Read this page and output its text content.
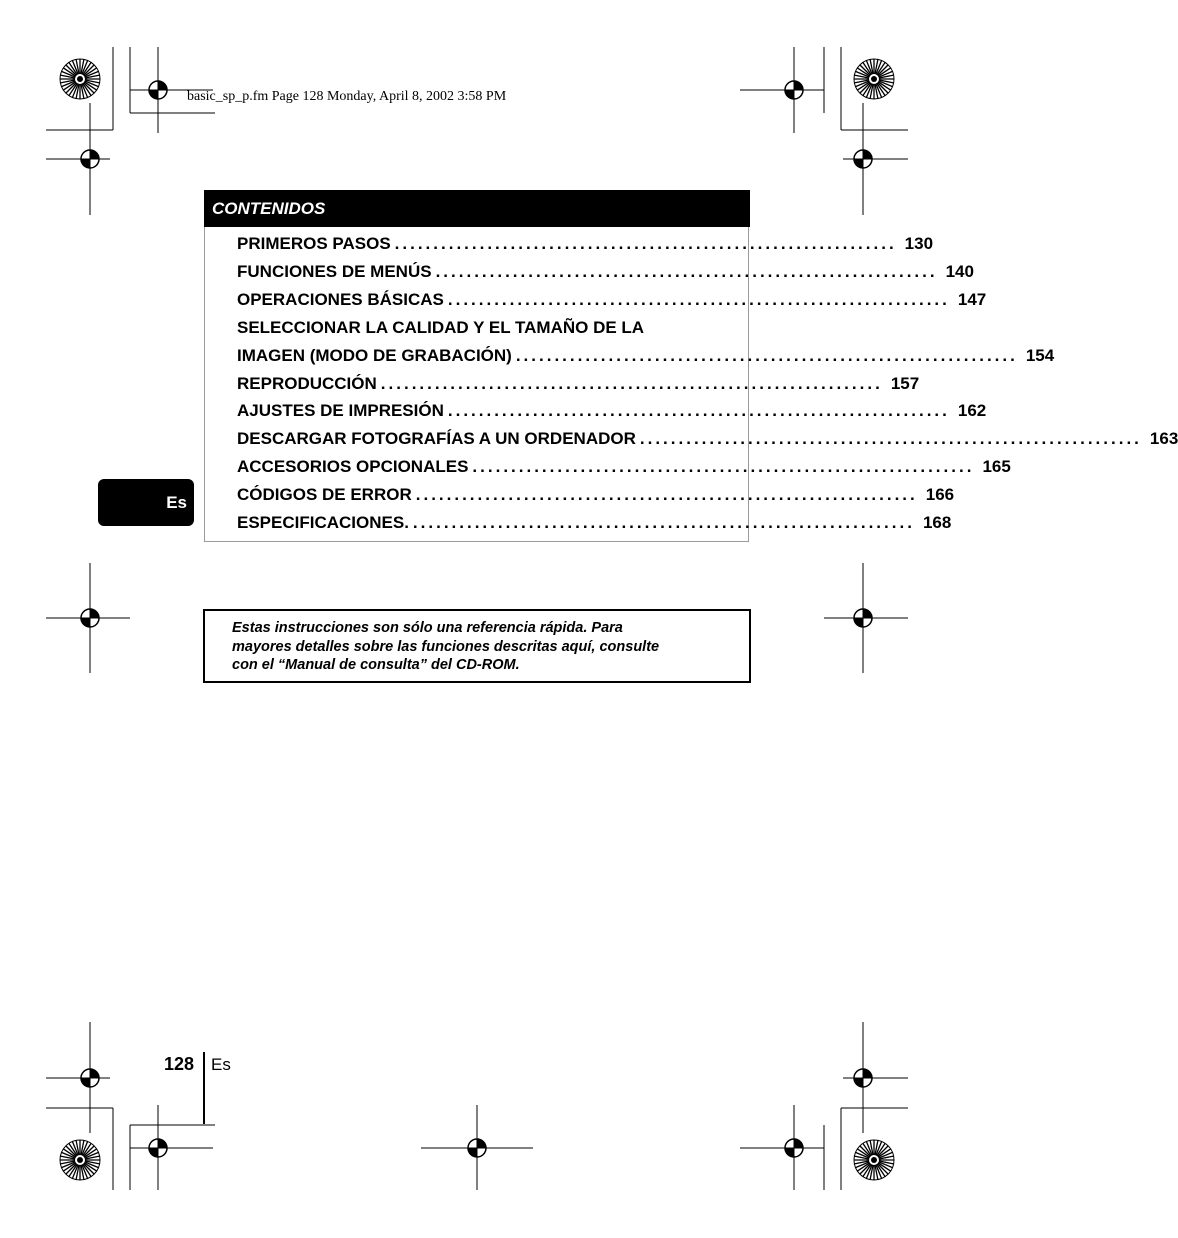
basic_sp_p.fm Page 128 Monday, April 8, 2002 3:58 PM
CONTENIDOS
PRIMEROS PASOS ................................................................. 130
FUNCIONES DE MENÚS ................................................................. 140
OPERACIONES BÁSICAS ................................................................. 147
SELECCIONAR LA CALIDAD Y EL TAMAÑO DE LA
IMAGEN (MODO DE GRABACIÓN) ................................................................. 154
REPRODUCCIÓN ................................................................. 157
AJUSTES DE IMPRESIÓN ................................................................. 162
DESCARGAR FOTOGRAFÍAS A UN ORDENADOR ................................................................. 163
ACCESORIOS OPCIONALES ................................................................. 165
CÓDIGOS DE ERROR ................................................................. 166
ESPECIFICACIONES. ................................................................. 168
Es
Estas instrucciones son sólo una referencia rápida. Para
mayores detalles sobre las funciones descritas aquí, consulte
con el “Manual de consulta” del CD-ROM.
128 Es
